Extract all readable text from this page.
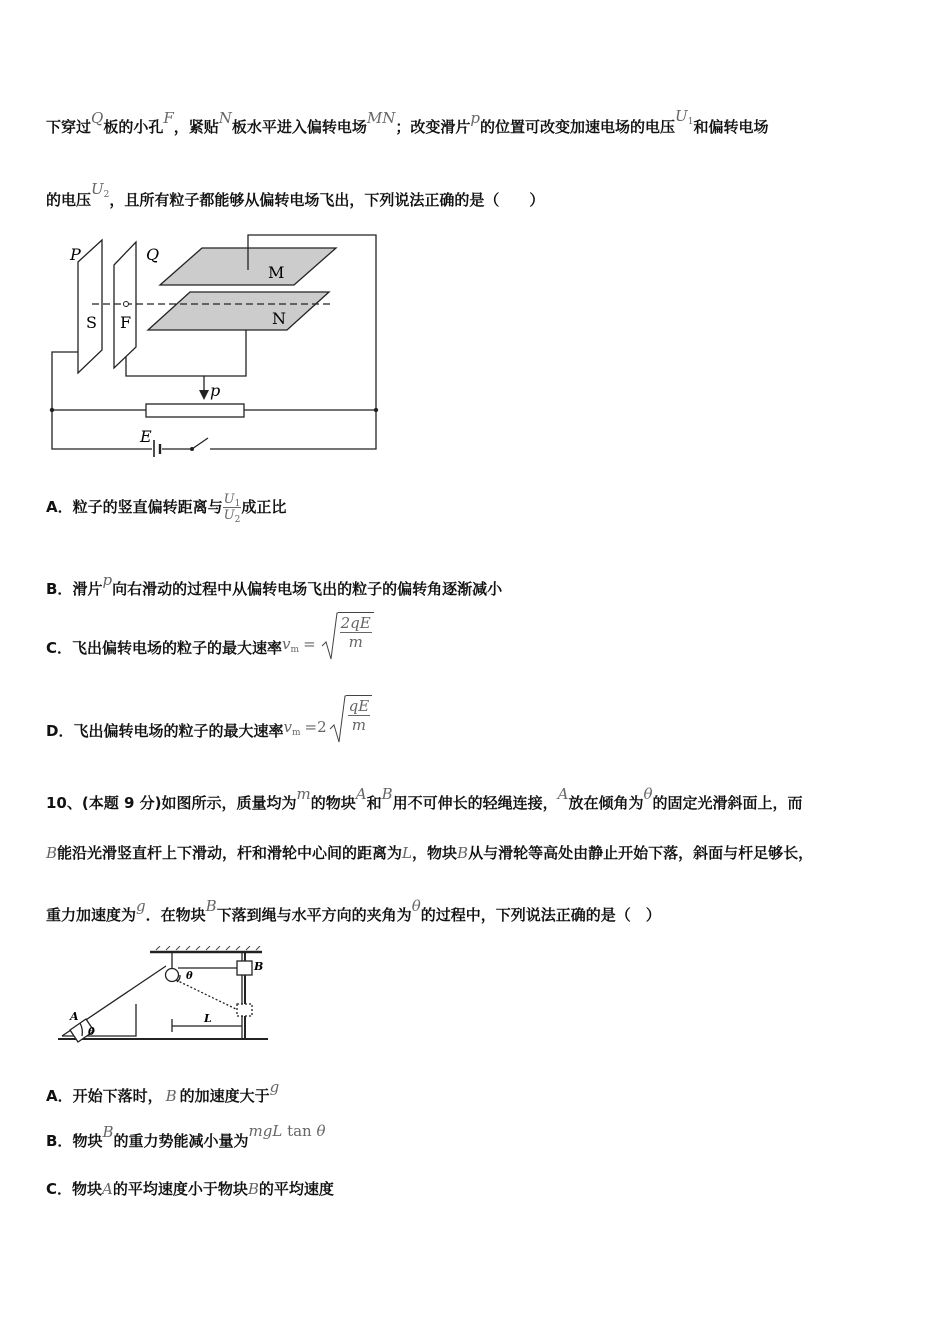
下穿过Q板的小孔F，紧贴N板水平进入偏转电场MN；改变滑片p的位置可改变加速电场的电压$U_1$和偏转电场
的电压$U_2$，且所有粒子都能够从偏转电场飞出，下列说法正确的是（　　）
P	Q
M
N
S F
p
E
A．粒子的竖直偏转距离与 $\frac{U_1}{U_2}$ 成正比
B．滑片p向右滑动的过程中从偏转电场飞出的粒子的偏转角逐渐减小
C．飞出偏转电场的粒子的最大速率$v_m = \frac{2qE}{m}$
D．飞出偏转电场的粒子的最大速率$v_m =2 \frac{qE}{m}$
10、(本题 9 分)如图所示，质量均为m的物块A和B用不可伸长的轻绳连接，A放在倾角为θ的固定光滑斜面上，而
B能沿光滑竖直杆上下滑动，杆和滑轮中心间的距离为L，物块B从与滑轮等高处由静止开始下落，斜面与杆足够长，
重力加速度为g．在物块B下落到绳与水平方向的夹角为θ的过程中，下列说法正确的是（　）
A
B
θ
θ
L
A．开始下落时， B 的加速度大于g
B．物块B的重力势能减小量为mgL tan θ
C．物块A的平均速度小于物块B的平均速度
